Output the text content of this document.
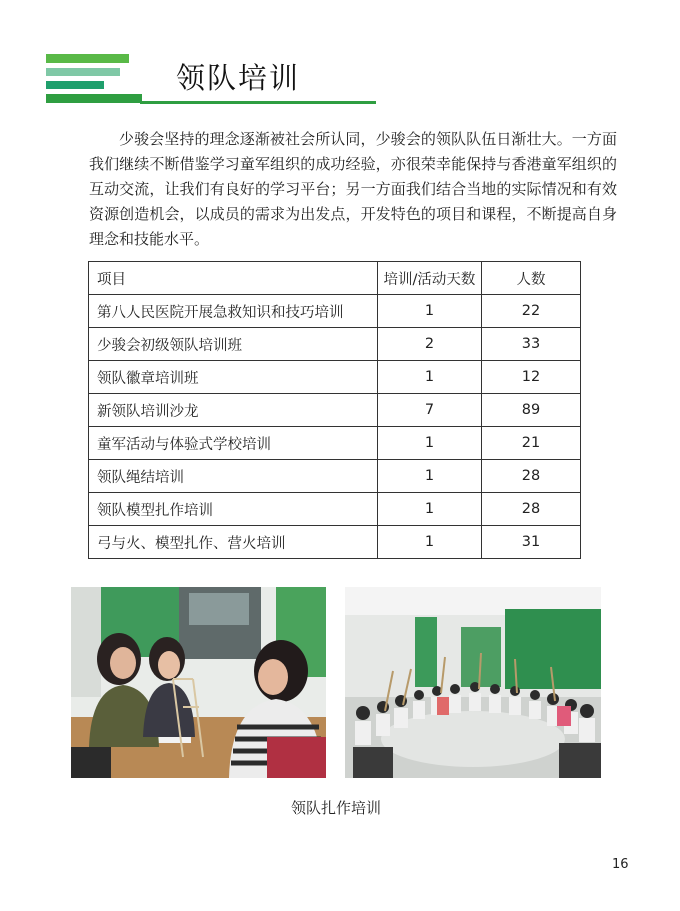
领队培训

少骏会坚持的理念逐渐被社会所认同，少骏会的领队队伍日渐壮大。一方面我们继续不断借鉴学习童军组织的成功经验，亦很荣幸能保持与香港童军组织的互动交流，让我们有良好的学习平台；另一方面我们结合当地的实际情况和有效资源创造机会，以成员的需求为出发点，开发特色的项目和课程，不断提高自身理念和技能水平。

项目	培训/活动天数	人数
第八人民医院开展急救知识和技巧培训	1	22
少骏会初级领队培训班	2	33
领队徽章培训班	1	12
新领队培训沙龙	7	89
童军活动与体验式学校培训	1	21
领队绳结培训	1	28
领队模型扎作培训	1	28
弓与火、模型扎作、营火培训	1	31

领队扎作培训

16
